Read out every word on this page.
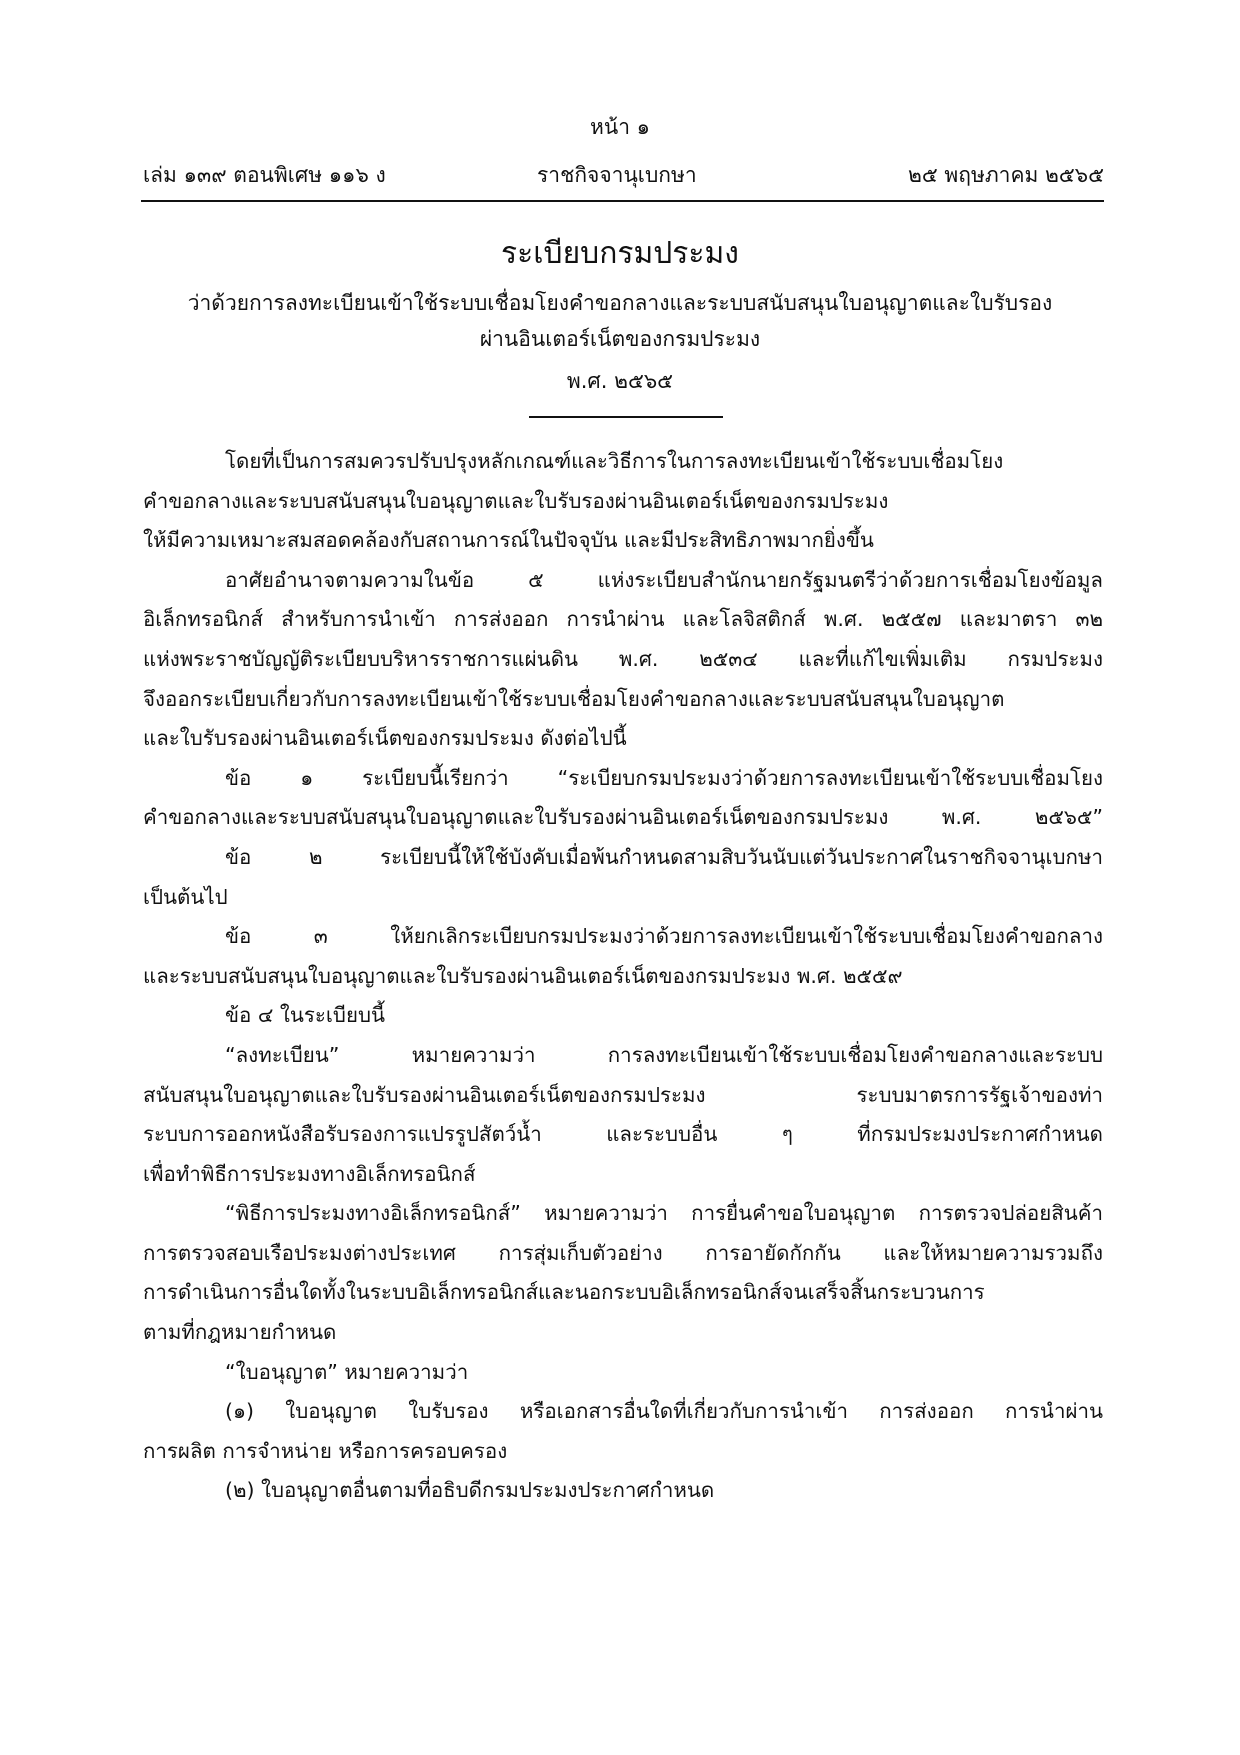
หน้า ๑
เล่ม ๑๓๙ ตอนพิเศษ ๑๑๖ ง	ราชกิจจานุเบกษา	๒๕ พฤษภาคม ๒๕๖๕
ระเบียบกรมประมง
ว่าด้วยการลงทะเบียนเข้าใช้ระบบเชื่อมโยงคำขอกลางและระบบสนับสนุนใบอนุญาตและใบรับรอง
ผ่านอินเตอร์เน็ตของกรมประมง
พ.ศ. ๒๕๖๕
โดยที่เป็นการสมควรปรับปรุงหลักเกณฑ์และวิธีการในการลงทะเบียนเข้าใช้ระบบเชื่อมโยง
คำขอกลางและระบบสนับสนุนใบอนุญาตและใบรับรองผ่านอินเตอร์เน็ตของกรมประมง
ให้มีความเหมาะสมสอดคล้องกับสถานการณ์ในปัจจุบัน และมีประสิทธิภาพมากยิ่งขึ้น
อาศัยอำนาจตามความในข้อ ๕ แห่งระเบียบสำนักนายกรัฐมนตรีว่าด้วยการเชื่อมโยงข้อมูล
อิเล็กทรอนิกส์ สำหรับการนำเข้า การส่งออก การนำผ่าน และโลจิสติกส์ พ.ศ. ๒๕๕๗ และมาตรา ๓๒
แห่งพระราชบัญญัติระเบียบบริหารราชการแผ่นดิน พ.ศ. ๒๕๓๔ และที่แก้ไขเพิ่มเติม กรมประมง
จึงออกระเบียบเกี่ยวกับการลงทะเบียนเข้าใช้ระบบเชื่อมโยงคำขอกลางและระบบสนับสนุนใบอนุญาต
และใบรับรองผ่านอินเตอร์เน็ตของกรมประมง ดังต่อไปนี้
ข้อ ๑ ระเบียบนี้เรียกว่า “ระเบียบกรมประมงว่าด้วยการลงทะเบียนเข้าใช้ระบบเชื่อมโยง
คำขอกลางและระบบสนับสนุนใบอนุญาตและใบรับรองผ่านอินเตอร์เน็ตของกรมประมง พ.ศ. ๒๕๖๕”
ข้อ ๒ ระเบียบนี้ให้ใช้บังคับเมื่อพ้นกำหนดสามสิบวันนับแต่วันประกาศในราชกิจจานุเบกษา
เป็นต้นไป
ข้อ ๓ ให้ยกเลิกระเบียบกรมประมงว่าด้วยการลงทะเบียนเข้าใช้ระบบเชื่อมโยงคำขอกลาง
และระบบสนับสนุนใบอนุญาตและใบรับรองผ่านอินเตอร์เน็ตของกรมประมง พ.ศ. ๒๕๕๙
ข้อ ๔ ในระเบียบนี้
“ลงทะเบียน” หมายความว่า การลงทะเบียนเข้าใช้ระบบเชื่อมโยงคำขอกลางและระบบ
สนับสนุนใบอนุญาตและใบรับรองผ่านอินเตอร์เน็ตของกรมประมง ระบบมาตรการรัฐเจ้าของท่า
ระบบการออกหนังสือรับรองการแปรรูปสัตว์น้ำ และระบบอื่น ๆ ที่กรมประมงประกาศกำหนด
เพื่อทำพิธีการประมงทางอิเล็กทรอนิกส์
“พิธีการประมงทางอิเล็กทรอนิกส์” หมายความว่า การยื่นคำขอใบอนุญาต การตรวจปล่อยสินค้า
การตรวจสอบเรือประมงต่างประเทศ การสุ่มเก็บตัวอย่าง การอายัดกักกัน และให้หมายความรวมถึง
การดำเนินการอื่นใดทั้งในระบบอิเล็กทรอนิกส์และนอกระบบอิเล็กทรอนิกส์จนเสร็จสิ้นกระบวนการ
ตามที่กฎหมายกำหนด
“ใบอนุญาต” หมายความว่า
(๑) ใบอนุญาต ใบรับรอง หรือเอกสารอื่นใดที่เกี่ยวกับการนำเข้า การส่งออก การนำผ่าน
การผลิต การจำหน่าย หรือการครอบครอง
(๒) ใบอนุญาตอื่นตามที่อธิบดีกรมประมงประกาศกำหนด
